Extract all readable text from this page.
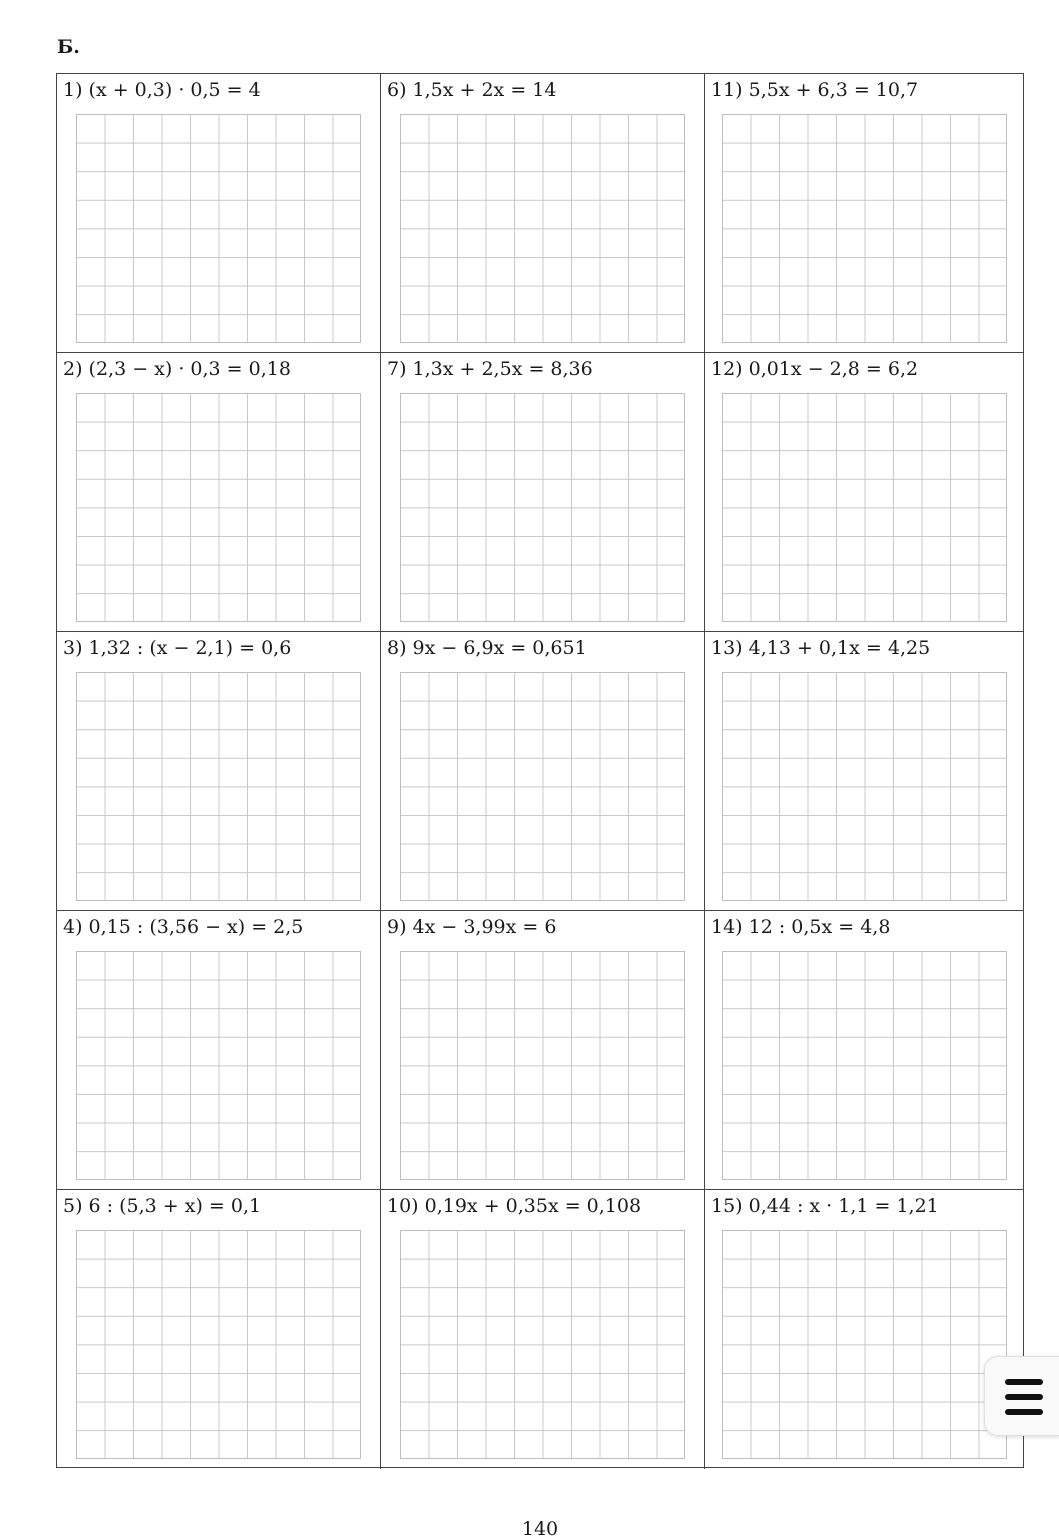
Б.
1) (x + 0,3) · 0,5 = 4	6) 1,5x + 2x = 14	11) 5,5x + 6,3 = 10,7
2) (2,3 − x) · 0,3 = 0,18	7) 1,3x + 2,5x = 8,36	12) 0,01x − 2,8 = 6,2
3) 1,32 : (x − 2,1) = 0,6	8) 9x − 6,9x = 0,651	13) 4,13 + 0,1x = 4,25
4) 0,15 : (3,56 − x) = 2,5	9) 4x − 3,99x = 6	14) 12 : 0,5x = 4,8
5) 6 : (5,3 + x) = 0,1	10) 0,19x + 0,35x = 0,108	15) 0,44 : x · 1,1 = 1,21
140
